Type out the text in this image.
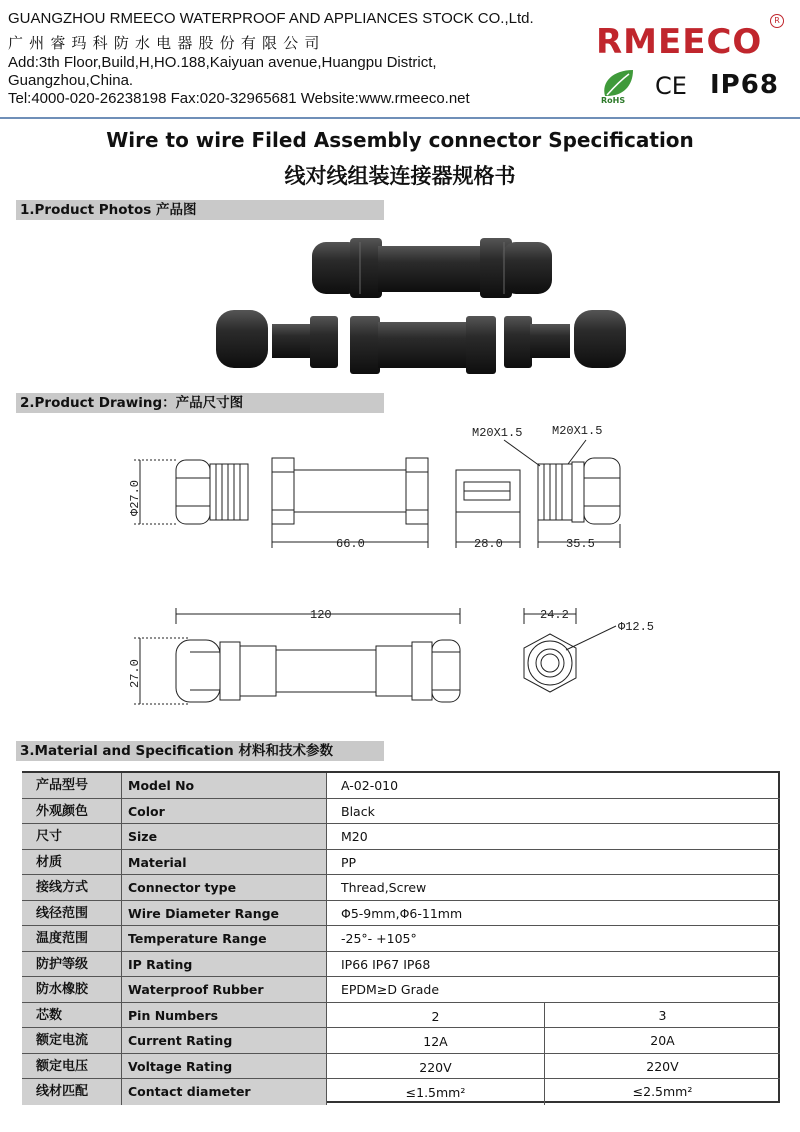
GUANGZHOU RMEECO WATERPROOF AND APPLIANCES STOCK CO.,Ltd.
广 州 睿 玛 科 防 水 电 器 股 份 有 限 公 司
Add:3th Floor,Build,H,HO.188,Kaiyuan avenue,Huangpu District,
Guangzhou,China.
Tel:4000-020-26238198 Fax:020-32965681 Website:www.rmeeco.net
RMEECO
R
RoHS
CE IP68
Wire to wire Filed Assembly connector Specification
线对线组装连接器规格书
1.Product Photos 产品图
2.Product Drawing：产品尺寸图
Φ27.0
66.0	28.0	35.5
M20X1.5 M20X1.5
120
27.0
24.2
Φ12.5
3.Material and Specification 材料和技术参数
产品型号	Model No	A-02-010
外观颜色	Color	Black
尺寸	Size	M20
材质	Material	PP
接线方式	Connector type	Thread,Screw
线径范围	Wire Diameter Range	Φ5-9mm,Φ6-11mm
温度范围	Temperature Range	-25°- +105°
防护等级	IP Rating	IP66 IP67 IP68
防水橡胶	Waterproof Rubber	EPDM≥D Grade
芯数	Pin Numbers	2	3
额定电流	Current Rating	12A	20A
额定电压	Voltage Rating	220V	220V
线材匹配	Contact diameter	≤1.5mm²	≤2.5mm²
